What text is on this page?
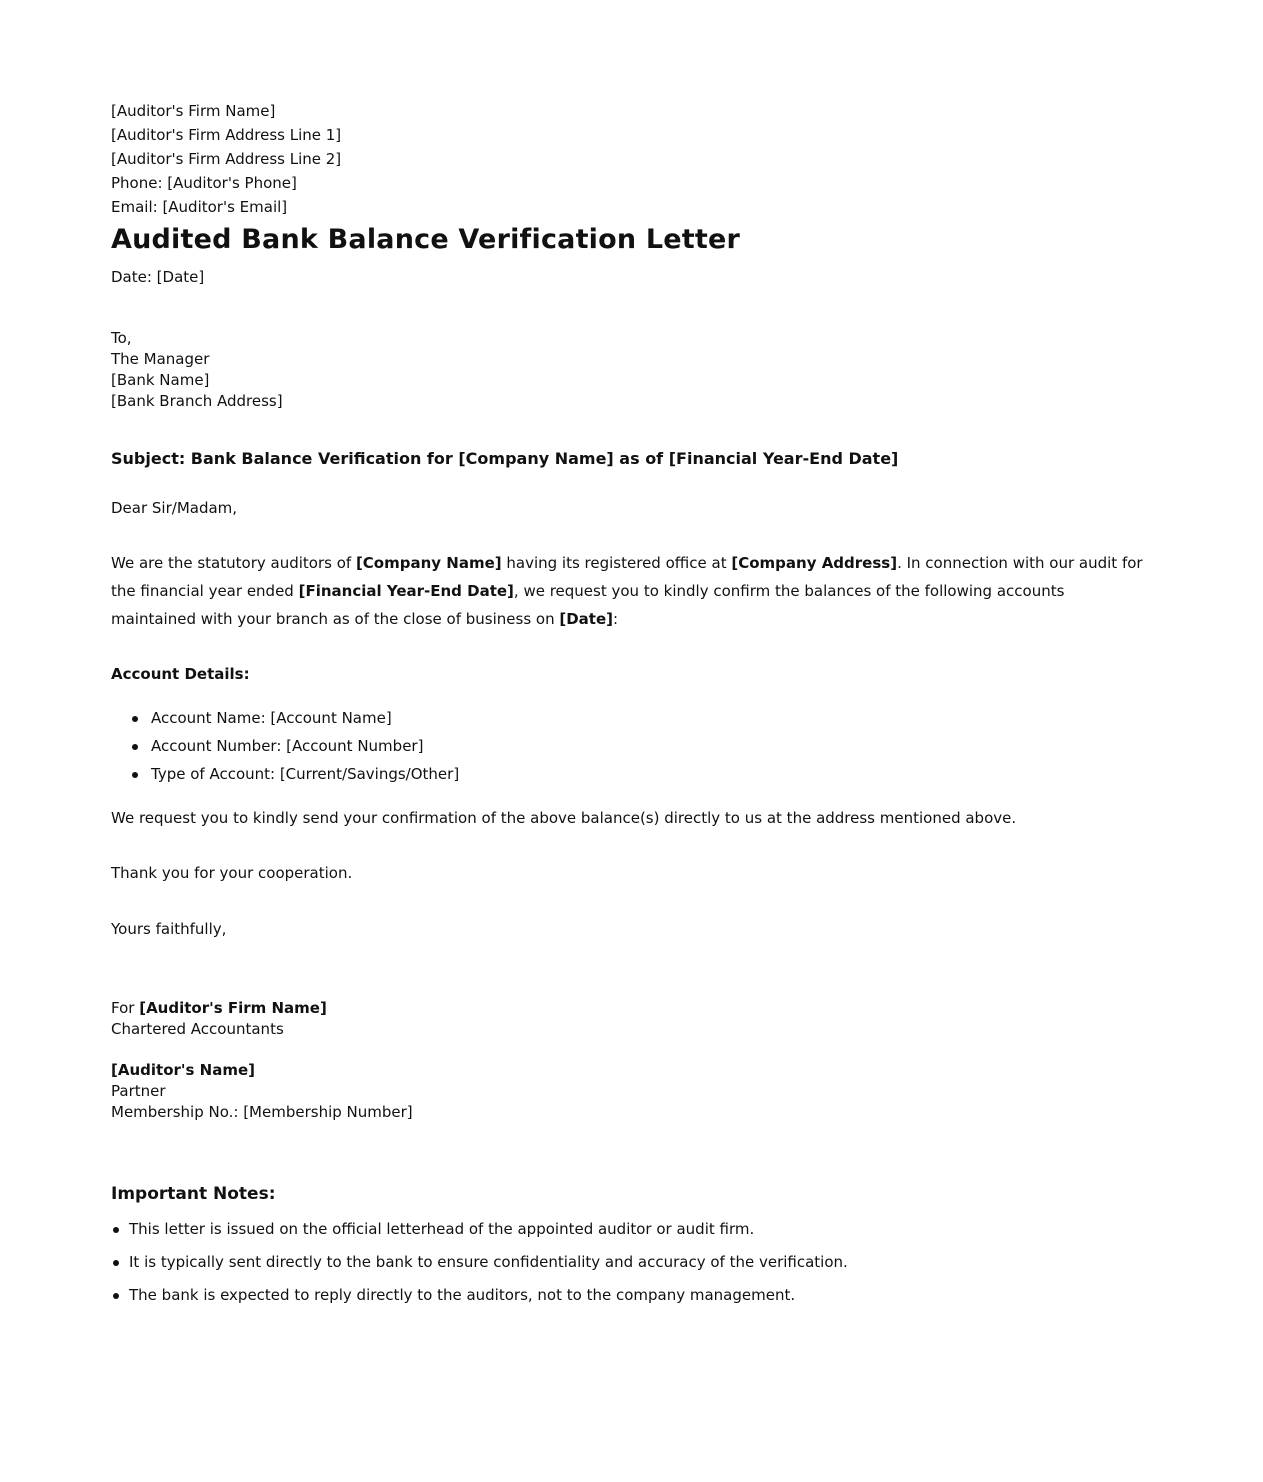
[Auditor's Firm Name]
[Auditor's Firm Address Line 1]
[Auditor's Firm Address Line 2]
Phone: [Auditor's Phone]
Email: [Auditor's Email]
Audited Bank Balance Verification Letter
Date: [Date]
To,
The Manager
[Bank Name]
[Bank Branch Address]
Subject: Bank Balance Verification for [Company Name] as of [Financial Year-End Date]
Dear Sir/Madam,
We are the statutory auditors of [Company Name] having its registered office at [Company Address]. In connection with our audit for the financial year ended [Financial Year-End Date], we request you to kindly confirm the balances of the following accounts maintained with your branch as of the close of business on [Date]:
Account Details:
Account Name: [Account Name]
Account Number: [Account Number]
Type of Account: [Current/Savings/Other]
We request you to kindly send your confirmation of the above balance(s) directly to us at the address mentioned above.
Thank you for your cooperation.
Yours faithfully,
For [Auditor's Firm Name]
Chartered Accountants
[Auditor's Name]
Partner
Membership No.: [Membership Number]
Important Notes:
This letter is issued on the official letterhead of the appointed auditor or audit firm.
It is typically sent directly to the bank to ensure confidentiality and accuracy of the verification.
The bank is expected to reply directly to the auditors, not to the company management.
